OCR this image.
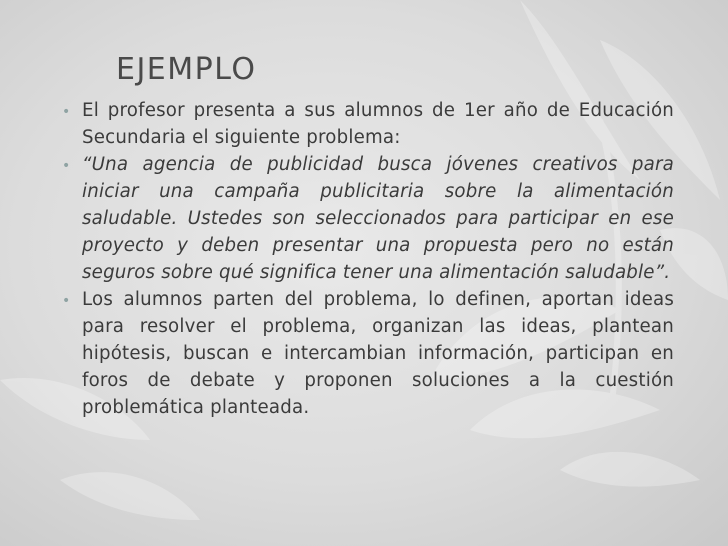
EJEMPLO
• El profesor presenta a sus alumnos de 1er año de Educación Secundaria el siguiente problema:
• “Una agencia de publicidad busca jóvenes creativos para iniciar una campaña publicitaria sobre la alimentación saludable. Ustedes son seleccionados para participar en ese proyecto y deben presentar una propuesta pero no están seguros sobre qué significa tener una alimentación saludable”.
• Los alumnos parten del problema, lo definen, aportan ideas para resolver el problema, organizan las ideas, plantean hipótesis, buscan e intercambian información, participan en foros de debate y proponen soluciones a la cuestión problemática planteada.
